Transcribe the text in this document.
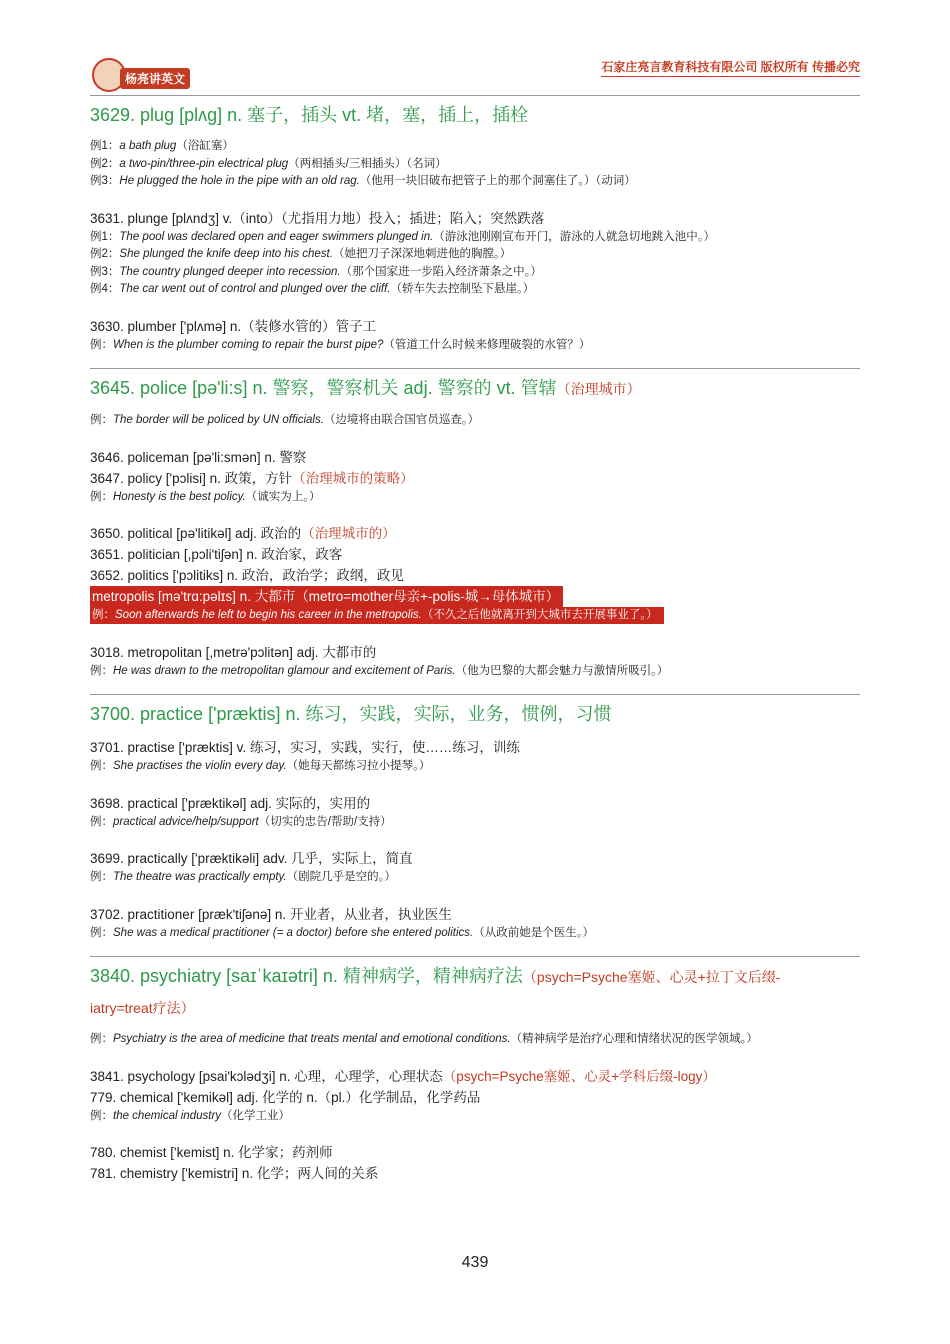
杨亮讲英文
石家庄亮言教育科技有限公司 版权所有 传播必究
3629. plug [plʌg] n. 塞子，插头 vt. 堵，塞，插上，插栓
例1：a bath plug（浴缸塞）
例2：a two-pin/three-pin electrical plug（两相插头/三相插头）（名词）
例3：He plugged the hole in the pipe with an old rag.（他用一块旧破布把管子上的那个洞塞住了。）（动词）
3631. plunge [plʌndʒ] v.（into）（尤指用力地）投入；插进；陷入；突然跌落
例1：The pool was declared open and eager swimmers plunged in.（游泳池刚刚宣布开门，游泳的人就急切地跳入池中。）
例2：She plunged the knife deep into his chest.（她把刀子深深地刺进他的胸膛。）
例3：The country plunged deeper into recession.（那个国家进一步陷入经济萧条之中。）
例4：The car went out of control and plunged over the cliff.（轿车失去控制坠下悬崖。）
3630. plumber ['plʌmə] n.（装修水管的）管子工
例：When is the plumber coming to repair the burst pipe?（管道工什么时候来修理破裂的水管？）
3645. police [pə'li:s] n. 警察，警察机关 adj. 警察的 vt. 管辖（治理城市）
例：The border will be policed by UN officials.（边境将由联合国官员巡查。）
3646. policeman [pə'li:smən] n. 警察
3647. policy ['pɔlisi] n. 政策，方针（治理城市的策略）
例：Honesty is the best policy.（诚实为上。）
3650. political [pə'litikəl] adj. 政治的（治理城市的）
3651. politician [,pɔli'tiʃən] n. 政治家，政客
3652. politics ['pɔlitiks] n. 政治，政治学；政纲，政见
metropolis [mə'trɑ:pəlɪs] n. 大都市（metro=mother母亲+-polis-城→母体城市）
例：Soon afterwards he left to begin his career in the metropolis.（不久之后他就离开到大城市去开展事业了。）
3018. metropolitan [,metrə'pɔlitən] adj. 大都市的
例：He was drawn to the metropolitan glamour and excitement of Paris.（他为巴黎的大都会魅力与激情所吸引。）
3700. practice ['præktis] n. 练习，实践，实际，业务，惯例，习惯
3701. practise ['præktis] v. 练习，实习，实践，实行，使……练习，训练
例：She practises the violin every day.（她每天都练习拉小提琴。）
3698. practical ['præktikəl] adj. 实际的，实用的
例：practical advice/help/support（切实的忠告/帮助/支持）
3699. practically ['præktikəli] adv. 几乎，实际上，简直
例：The theatre was practically empty.（剧院几乎是空的。）
3702. practitioner [præk'tiʃənə] n. 开业者，从业者，执业医生
例：She was a medical practitioner (= a doctor) before she entered politics.（从政前她是个医生。）
3840. psychiatry [saɪˈkaɪətri] n. 精神病学，精神病疗法（psych=Psyche塞姬、心灵+拉丁文后缀-
iatry=treat疗法）
例：Psychiatry is the area of medicine that treats mental and emotional conditions.（精神病学是治疗心理和情绪状况的医学领域。）
3841. psychology [psai'kɔlədʒi] n. 心理，心理学，心理状态（psych=Psyche塞姬、心灵+学科后缀-logy）
779. chemical ['kemikəl] adj. 化学的 n.（pl.）化学制品，化学药品
例：the chemical industry（化学工业）
780. chemist ['kemist] n. 化学家；药剂师
781. chemistry ['kemistri] n. 化学；两人间的关系
439
